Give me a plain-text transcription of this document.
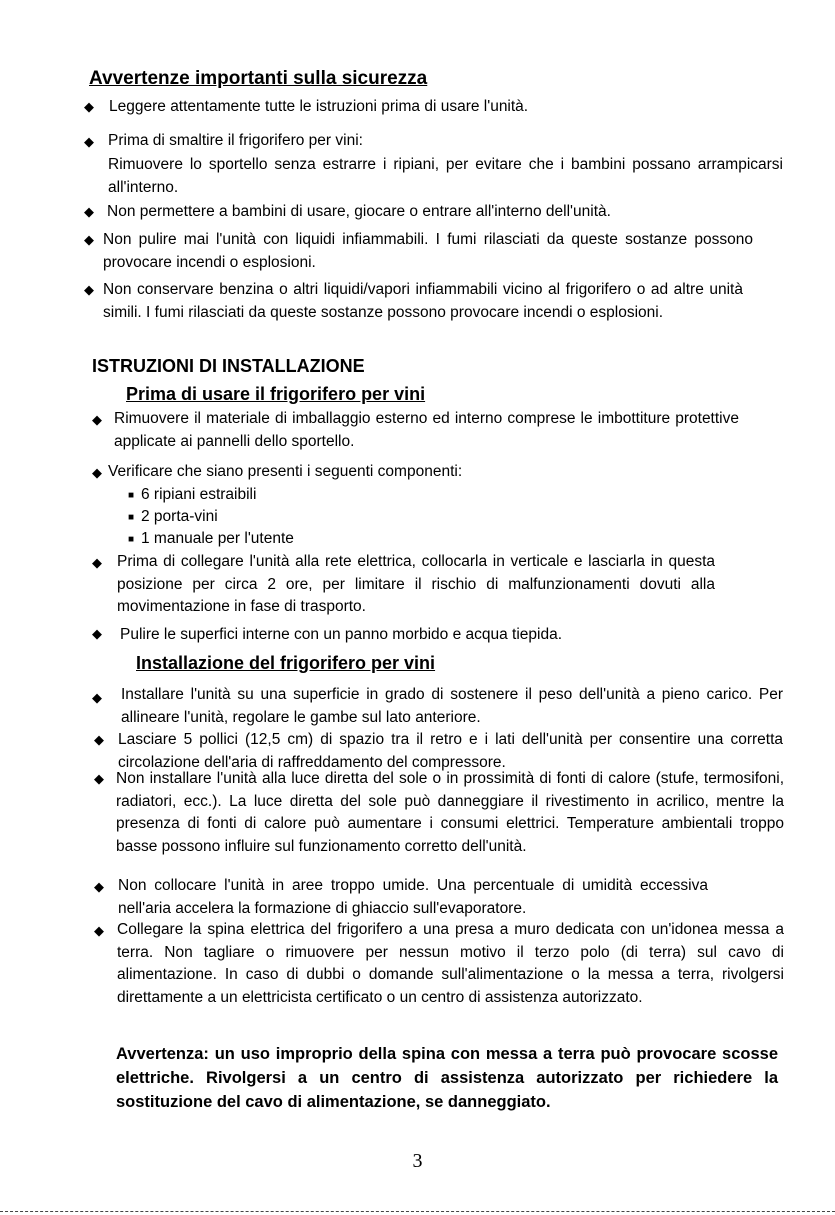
Avvertenze importanti sulla sicurezza
◆ Leggere attentamente tutte le istruzioni prima di usare l'unità.
◆ Prima di smaltire il frigorifero per vini:
Rimuovere lo sportello senza estrarre i ripiani, per evitare che i bambini possano arrampicarsi all'interno.
◆ Non permettere a bambini di usare, giocare o entrare all'interno dell'unità.
◆ Non pulire mai l'unità con liquidi infiammabili. I fumi rilasciati da queste sostanze possono provocare incendi o esplosioni.
◆ Non conservare benzina o altri liquidi/vapori infiammabili vicino al frigorifero o ad altre unità simili. I fumi rilasciati da queste sostanze possono provocare incendi o esplosioni.
ISTRUZIONI DI INSTALLAZIONE
Prima di usare il frigorifero per vini
◆ Rimuovere il materiale di imballaggio esterno ed interno comprese le imbottiture protettive applicate ai pannelli dello sportello.
◆ Verificare che siano presenti i seguenti componenti:
■ 6 ripiani estraibili
■ 2 porta-vini
■ 1 manuale per l'utente
◆ Prima di collegare l'unità alla rete elettrica, collocarla in verticale e lasciarla in questa posizione per circa 2 ore, per limitare il rischio di malfunzionamenti dovuti alla movimentazione in fase di trasporto.
◆ Pulire le superfici interne con un panno morbido e acqua tiepida.
Installazione del frigorifero per vini
◆ Installare l'unità su una superficie in grado di sostenere il peso dell'unità a pieno carico. Per allineare l'unità, regolare le gambe sul lato anteriore.
◆ Lasciare 5 pollici (12,5 cm) di spazio tra il retro e i lati dell'unità per consentire una corretta circolazione dell'aria di raffreddamento del compressore.
◆ Non installare l'unità alla luce diretta del sole o in prossimità di fonti di calore (stufe, termosifoni, radiatori, ecc.). La luce diretta del sole può danneggiare il rivestimento in acrilico, mentre la presenza di fonti di calore può aumentare i consumi elettrici. Temperature ambientali troppo basse possono influire sul funzionamento corretto dell'unità.
◆ Non collocare l'unità in aree troppo umide. Una percentuale di umidità eccessiva nell'aria accelera la formazione di ghiaccio sull'evaporatore.
◆ Collegare la spina elettrica del frigorifero a una presa a muro dedicata con un'idonea messa a terra. Non tagliare o rimuovere per nessun motivo il terzo polo (di terra) sul cavo di alimentazione. In caso di dubbi o domande sull'alimentazione o la messa a terra, rivolgersi direttamente a un elettricista certificato o un centro di assistenza autorizzato.
Avvertenza: un uso improprio della spina con messa a terra può provocare scosse elettriche. Rivolgersi a un centro di assistenza autorizzato per richiedere la sostituzione del cavo di alimentazione, se danneggiato.
3
